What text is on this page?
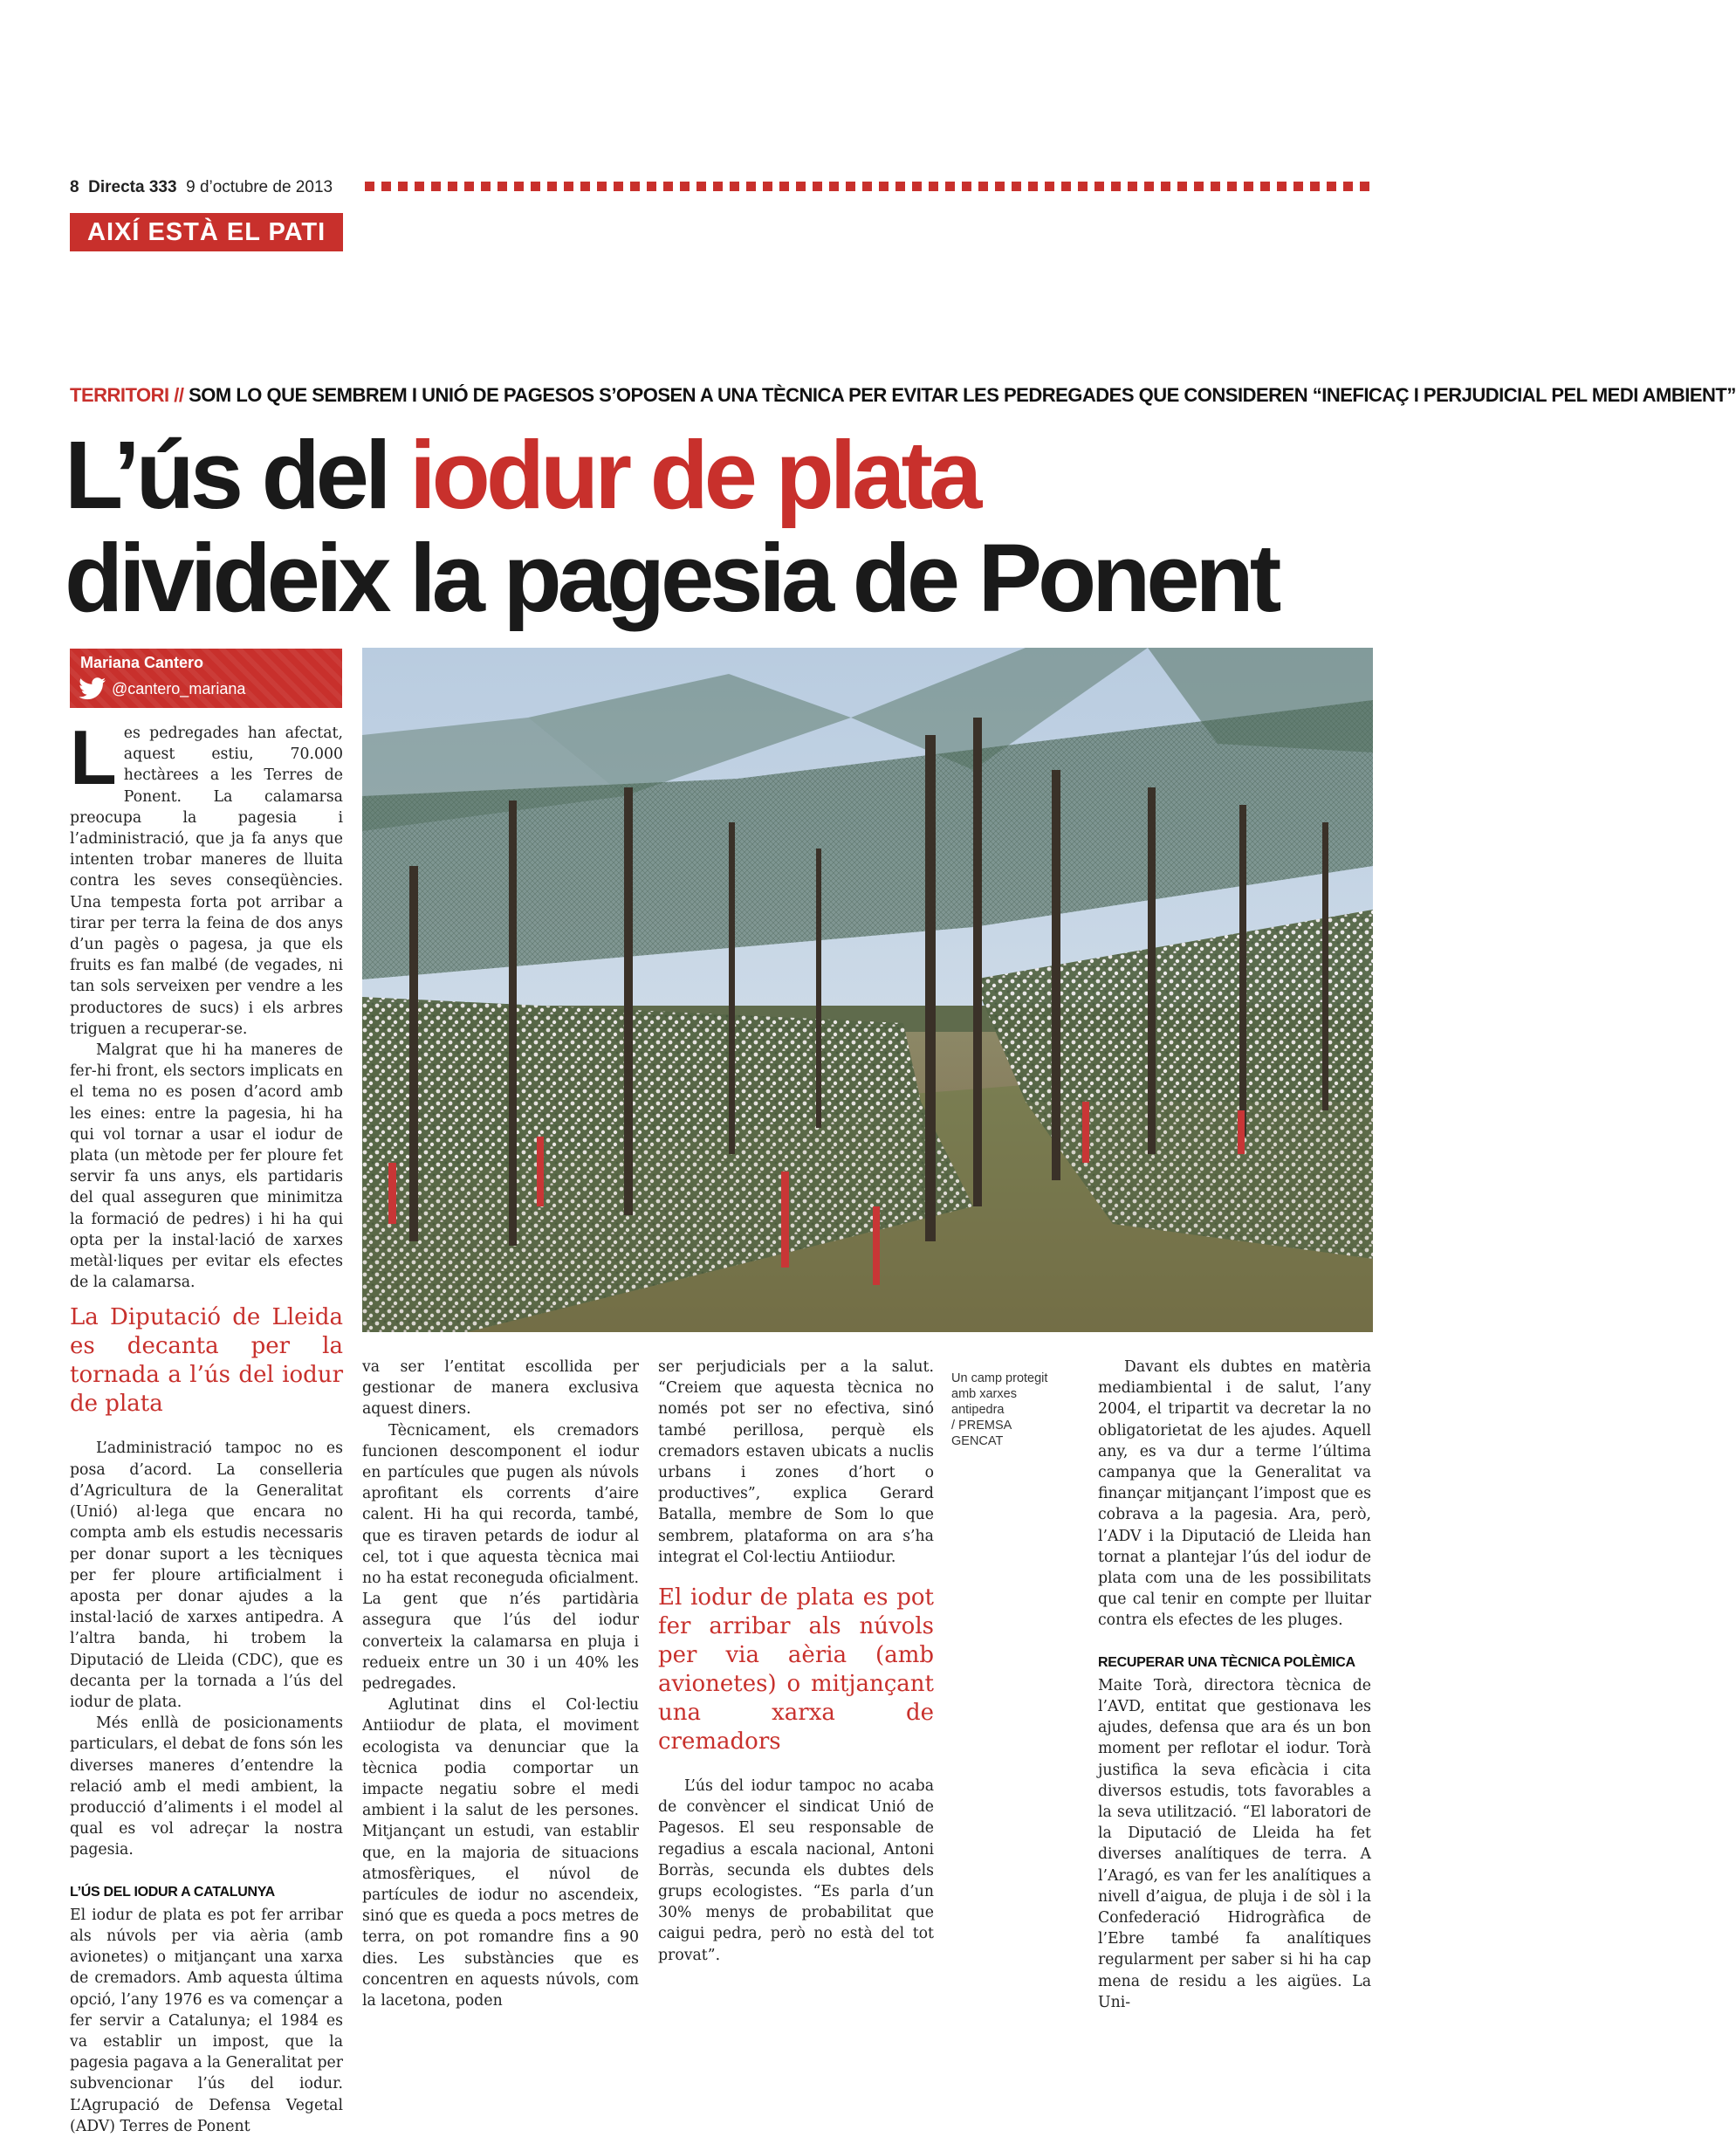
8 Directa 333 9 d’octubre de 2013
AIXÍ ESTÀ EL PATI
TERRITORI // SOM LO QUE SEMBREM I UNIÓ DE PAGESOS S’OPOSEN A UNA TÈCNICA PER EVITAR LES PEDREGADES QUE CONSIDEREN “INEFICAÇ I PERJUDICIAL PEL MEDI AMBIENT”
L’ús del iodur de plata
divideix la pagesia de Ponent
Mariana Cantero
@cantero_mariana
Un camp protegit
amb xarxes antipedra
/ PREMSA GENCAT

Les pedregades han afectat, aquest estiu, 70.000 hectàrees a les Terres de Ponent. La calamarsa preocupa la pagesia i l’administració, que ja fa anys que intenten trobar maneres de lluita contra les seves conseqüències. Una tempesta forta pot arribar a tirar per terra la feina de dos anys d’un pagès o pagesa, ja que els fruits es fan malbé (de vegades, ni tan sols serveixen per vendre a les productores de sucs) i els arbres triguen a recuperar-se.

Malgrat que hi ha maneres de fer-hi front, els sectors implicats en el tema no es posen d’acord amb les eines: entre la pagesia, hi ha qui vol tornar a usar el iodur de plata (un mètode per fer ploure fet servir fa uns anys, els partidaris del qual asseguren que minimitza la formació de pedres) i hi ha qui opta per la instal·lació de xarxes metàl·liques per evitar els efectes de la calamarsa.

La Diputació de Lleida es decanta per la tornada a l’ús del iodur de plata

L’administració tampoc no es posa d’acord. La conselleria d’Agricultura de la Generalitat (Unió) al·lega que encara no compta amb els estudis necessaris per donar suport a les tècniques per fer ploure artificialment i aposta per donar ajudes a la instal·lació de xarxes antipedra. A l’altra banda, hi trobem la Diputació de Lleida (CDC), que es decanta per la tornada a l’ús del iodur de plata.

Més enllà de posicionaments particulars, el debat de fons són les diverses maneres d’entendre la relació amb el medi ambient, la producció d’aliments i el model al qual es vol adreçar la nostra pagesia.

L’ÚS DEL IODUR A CATALUNYA

El iodur de plata es pot fer arribar als núvols per via aèria (amb avionetes) o mitjançant una xarxa de cremadors. Amb aquesta última opció, l’any 1976 es va començar a fer servir a Catalunya; el 1984 es va establir un impost, que la pagesia pagava a la Generalitat per subvencionar l’ús del iodur. L’Agrupació de Defensa Vegetal (ADV) Terres de Ponent

va ser l’entitat escollida per gestionar de manera exclusiva aquest diners.

Tècnicament, els cremadors funcionen descomponent el iodur en partícules que pugen als núvols aprofitant els corrents d’aire calent. Hi ha qui recorda, també, que es tiraven petards de iodur al cel, tot i que aquesta tècnica mai no ha estat reconeguda oficialment. La gent que n’és partidària assegura que l’ús del iodur converteix la calamarsa en pluja i redueix entre un 30 i un 40% les pedregades.

Aglutinat dins el Col·lectiu Antiiodur de plata, el moviment ecologista va denunciar que la tècnica podia comportar un impacte negatiu sobre el medi ambient i la salut de les persones. Mitjançant un estudi, van establir que, en la majoria de situacions atmosfèriques, el núvol de partícules de iodur no ascendeix, sinó que es queda a pocs metres de terra, on pot romandre fins a 90 dies. Les substàncies que es concentren en aquests núvols, com la lacetona, poden

ser perjudicials per a la salut. “Creiem que aquesta tècnica no només pot ser no efectiva, sinó també perillosa, perquè els cremadors estaven ubicats a nuclis urbans i zones d’hort o productives”, explica Gerard Batalla, membre de Som lo que sembrem, plataforma on ara s’ha integrat el Col·lectiu Antiiodur.

El iodur de plata es pot fer arribar als núvols per via aèria (amb avionetes) o mitjançant una xarxa de cremadors

L’ús del iodur tampoc no acaba de convèncer el sindicat Unió de Pagesos. El seu responsable de regadius a escala nacional, Antoni Borràs, secunda els dubtes dels grups ecologistes. “Es parla d’un 30% menys de probabilitat que caigui pedra, però no està del tot provat”.

Davant els dubtes en matèria mediambiental i de salut, l’any 2004, el tripartit va decretar la no obligatorietat de les ajudes. Aquell any, es va dur a terme l’última campanya que la Generalitat va finançar mitjançant l’impost que es cobrava a la pagesia. Ara, però, l’ADV i la Diputació de Lleida han tornat a plantejar l’ús del iodur de plata com una de les possibilitats que cal tenir en compte per lluitar contra els efectes de les pluges.

RECUPERAR UNA TÈCNICA POLÈMICA

Maite Torà, directora tècnica de l’AVD, entitat que gestionava les ajudes, defensa que ara és un bon moment per reflotar el iodur. Torà justifica la seva eficàcia i cita diversos estudis, tots favorables a la seva utilització. “El laboratori de la Diputació de Lleida ha fet diverses analítiques de terra. A l’Aragó, es van fer les analítiques a nivell d’aigua, de pluja i de sòl i la Confederació Hidrogràfica de l’Ebre també fa analítiques regularment per saber si hi ha cap mena de residu a les aigües. La Uni-
